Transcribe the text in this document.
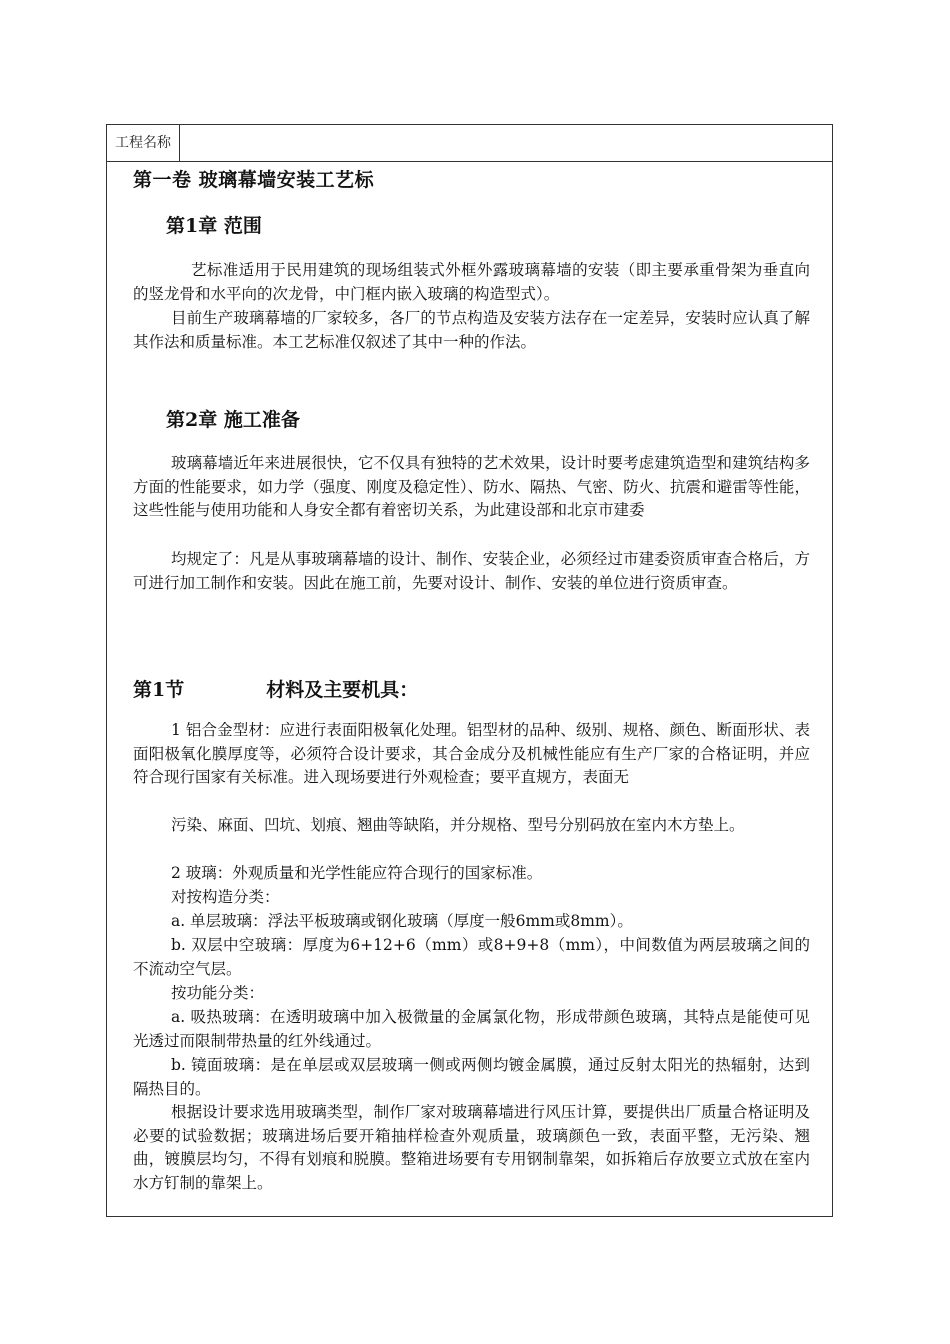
工程名称
第一卷 玻璃幕墙安装工艺标
第1章 范围
艺标准适用于民用建筑的现场组装式外框外露玻璃幕墙的安装（即主要承重骨架为垂直向的竖龙骨和水平向的次龙骨，中门框内嵌入玻璃的构造型式）。
目前生产玻璃幕墙的厂家较多，各厂的节点构造及安装方法存在一定差异，安装时应认真了解其作法和质量标准。本工艺标准仅叙述了其中一种的作法。
第2章 施工准备
玻璃幕墙近年来进展很快，它不仅具有独特的艺术效果，设计时要考虑建筑造型和建筑结构多方面的性能要求，如力学（强度、刚度及稳定性）、防水、隔热、气密、防火、抗震和避雷等性能，这些性能与使用功能和人身安全都有着密切关系，为此建设部和北京市建委
均规定了：凡是从事玻璃幕墙的设计、制作、安装企业，必须经过市建委资质审查合格后，方可进行加工制作和安装。因此在施工前，先要对设计、制作、安装的单位进行资质审查。
第1节	材料及主要机具：
1 铝合金型材：应进行表面阳极氧化处理。铝型材的品种、级别、规格、颜色、断面形状、表面阳极氧化膜厚度等，必须符合设计要求，其合金成分及机械性能应有生产厂家的合格证明，并应符合现行国家有关标准。进入现场要进行外观检查；要平直规方，表面无
污染、麻面、凹坑、划痕、翘曲等缺陷，并分规格、型号分别码放在室内木方垫上。
2 玻璃：外观质量和光学性能应符合现行的国家标准。
对按构造分类：
a. 单层玻璃：浮法平板玻璃或钢化玻璃（厚度一般6mm或8mm）。
b. 双层中空玻璃：厚度为6+12+6（mm）或8+9+8（mm），中间数值为两层玻璃之间的不流动空气层。
按功能分类：
a. 吸热玻璃：在透明玻璃中加入极微量的金属氯化物，形成带颜色玻璃，其特点是能使可见光透过而限制带热量的红外线通过。
b. 镜面玻璃：是在单层或双层玻璃一侧或两侧均镀金属膜，通过反射太阳光的热辐射，达到隔热目的。
根据设计要求选用玻璃类型，制作厂家对玻璃幕墙进行风压计算，要提供出厂质量合格证明及必要的试验数据；玻璃进场后要开箱抽样检查外观质量，玻璃颜色一致，表面平整，无污染、翘曲，镀膜层均匀，不得有划痕和脱膜。整箱进场要有专用钢制靠架，如拆箱后存放要立式放在室内水方钉制的靠架上。
